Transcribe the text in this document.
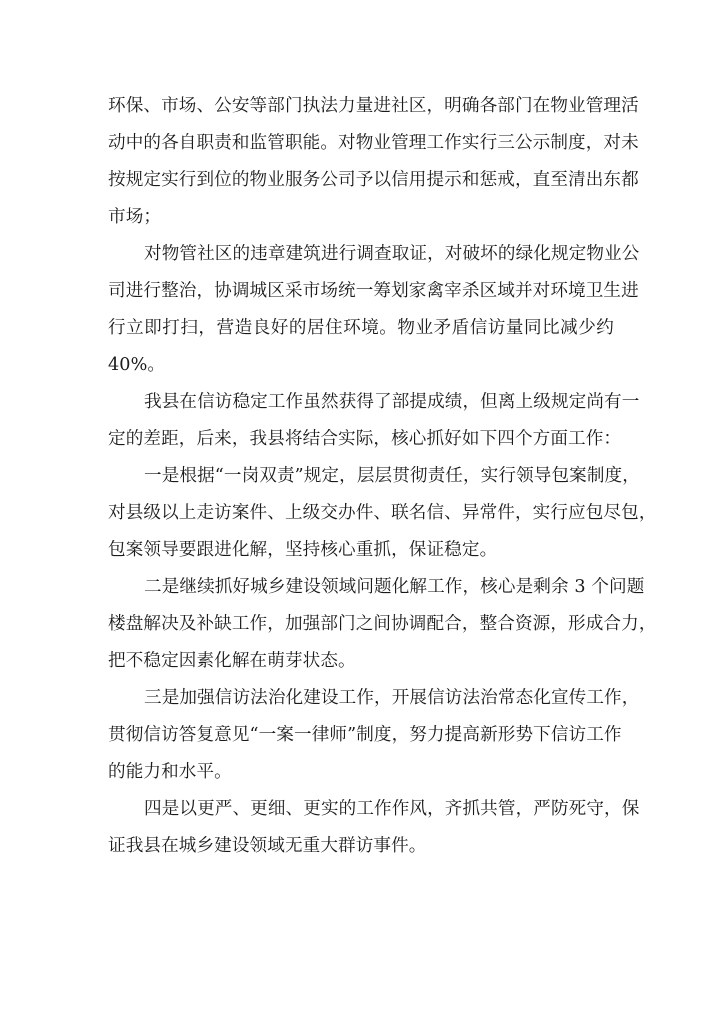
环保、市场、公安等部门执法力量进社区，明确各部门在物业管理活
动中的各自职责和监管职能。对物业管理工作实行三公示制度，对未
按规定实行到位的物业服务公司予以信用提示和惩戒，直至清出东都
市场；
对物管社区的违章建筑进行调查取证，对破坏的绿化规定物业公
司进行整治，协调城区采市场统一筹划家禽宰杀区域并对环境卫生进
行立即打扫，营造良好的居住环境。物业矛盾信访量同比减少约
40%。
我县在信访稳定工作虽然获得了部提成绩，但离上级规定尚有一
定的差距，后来，我县将结合实际，核心抓好如下四个方面工作：
一是根据“一岗双责”规定，层层贯彻责任，实行领导包案制度，
对县级以上走访案件、上级交办件、联名信、异常件，实行应包尽包，
包案领导要跟进化解，坚持核心重抓，保证稳定。
二是继续抓好城乡建设领域问题化解工作，核心是剩余 3 个问题
楼盘解决及补缺工作，加强部门之间协调配合，整合资源，形成合力，
把不稳定因素化解在萌芽状态。
三是加强信访法治化建设工作，开展信访法治常态化宣传工作，
贯彻信访答复意见“一案一律师”制度，努力提高新形势下信访工作
的能力和水平。
四是以更严、更细、更实的工作作风，齐抓共管，严防死守，保
证我县在城乡建设领域无重大群访事件。
